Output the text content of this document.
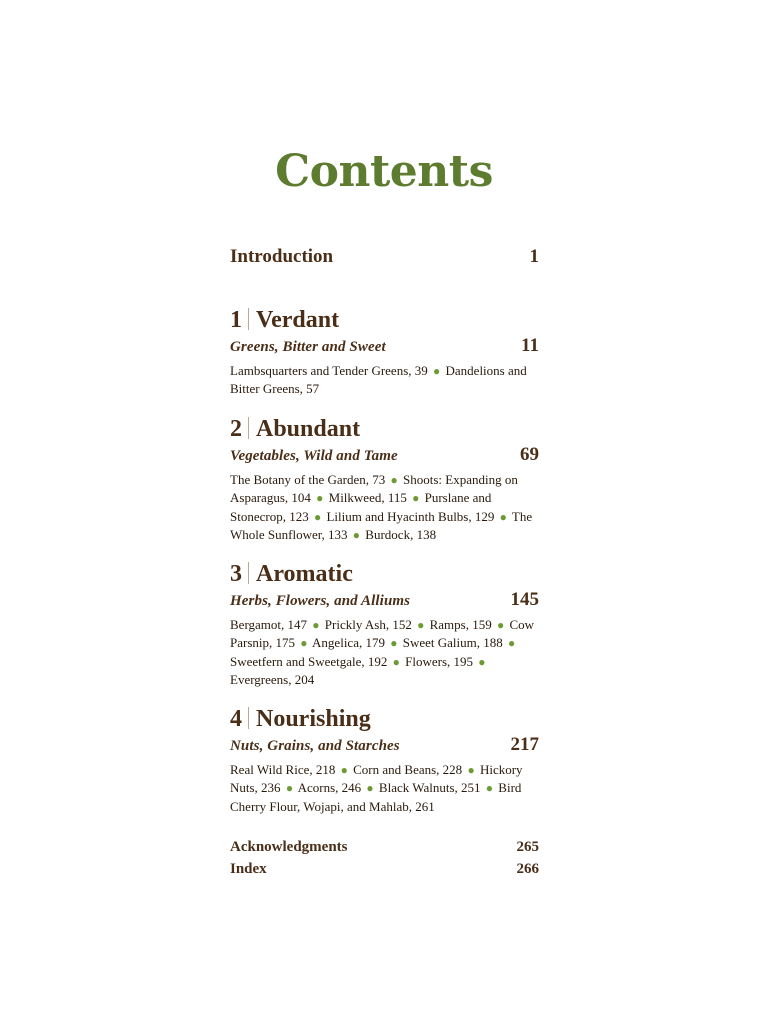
Contents
Introduction	1
1 Verdant
Greens, Bitter and Sweet	11
Lambsquarters and Tender Greens, 39 ● Dandelions and Bitter Greens, 57
2 Abundant
Vegetables, Wild and Tame	69
The Botany of the Garden, 73 ● Shoots: Expanding on Asparagus, 104 ● Milkweed, 115 ● Purslane and Stonecrop, 123 ● Lilium and Hyacinth Bulbs, 129 ● The Whole Sunflower, 133 ● Burdock, 138
3 Aromatic
Herbs, Flowers, and Alliums	145
Bergamot, 147 ● Prickly Ash, 152 ● Ramps, 159 ● Cow Parsnip, 175 ● Angelica, 179 ● Sweet Galium, 188 ● Sweetfern and Sweetgale, 192 ● Flowers, 195 ● Evergreens, 204
4 Nourishing
Nuts, Grains, and Starches	217
Real Wild Rice, 218 ● Corn and Beans, 228 ● Hickory Nuts, 236 ● Acorns, 246 ● Black Walnuts, 251 ● Bird Cherry Flour, Wojapi, and Mahlab, 261
Acknowledgments	265
Index	266
